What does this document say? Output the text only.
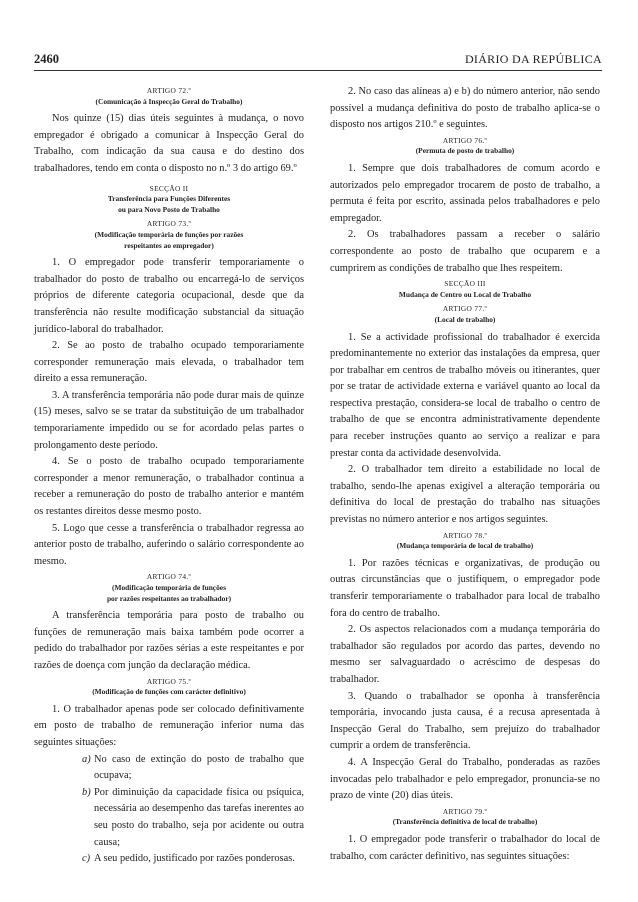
2460	DIÁRIO DA REPÚBLICA
ARTIGO 72.º
(Comunicação à Inspecção Geral do Trabalho)

Nos quinze (15) dias úteis seguintes à mudança, o novo empregador é obrigado a comunicar à Inspecção Geral do Trabalho, com indicação da sua causa e do destino dos trabalhadores, tendo em conta o disposto no n.º 3 do artigo 69.º

SECÇÃO II
Transferência para Funções Diferentes
ou para Novo Posto de Trabalho
ARTIGO 73.º
(Modificação temporária de funções por razões
respeitantes ao empregador)

1. O empregador pode transferir temporariamente o trabalhador do posto de trabalho ou encarregá-lo de serviços próprios de diferente categoria ocupacional, desde que da transferência não resulte modificação substancial da situação jurídico-laboral do trabalhador.

2. Se ao posto de trabalho ocupado temporariamente corresponder remuneração mais elevada, o trabalhador tem direito a essa remuneração.

3. A transferência temporária não pode durar mais de quinze (15) meses, salvo se se tratar da substituição de um trabalhador temporariamente impedido ou se for acordado pelas partes o prolongamento deste período.

4. Se o posto de trabalho ocupado temporariamente corresponder a menor remuneração, o trabalhador continua a receber a remuneração do posto de trabalho anterior e mantém os restantes direitos desse mesmo posto.

5. Logo que cesse a transferência o trabalhador regressa ao anterior posto de trabalho, auferindo o salário correspondente ao mesmo.

ARTIGO 74.º
(Modificação temporária de funções
por razões respeitantes ao trabalhador)

A transferência temporária para posto de trabalho ou funções de remuneração mais baixa também pode ocorrer a pedido do trabalhador por razões sérias a este respeitantes e por razões de doença com junção da declaração médica.

ARTIGO 75.º
(Modificação de funções com carácter definitivo)

1. O trabalhador apenas pode ser colocado definitivamente em posto de trabalho de remuneração inferior numa das seguintes situações:

a) No caso de extinção do posto de trabalho que ocupava;
b) Por diminuição da capacidade física ou psíquica, necessária ao desempenho das tarefas inerentes ao seu posto do trabalho, seja por acidente ou outra causa;
c) A seu pedido, justificado por razões ponderosas.

2. No caso das alíneas a) e b) do número anterior, não sendo possível a mudança definitiva do posto de trabalho aplica-se o disposto nos artigos 210.º e seguintes.

ARTIGO 76.º
(Permuta de posto de trabalho)

1. Sempre que dois trabalhadores de comum acordo e autorizados pelo empregador trocarem de posto de trabalho, a permuta é feita por escrito, assinada pelos trabalhadores e pelo empregador.

2. Os trabalhadores passam a receber o salário correspondente ao posto de trabalho que ocuparem e a cumprirem as condições de trabalho que lhes respeitem.

SECÇÃO III
Mudança de Centro ou Local de Trabalho
ARTIGO 77.º
(Local de trabalho)

1. Se a actividade profissional do trabalhador é exercida predominantemente no exterior das instalações da empresa, quer por trabalhar em centros de trabalho móveis ou itinerantes, quer por se tratar de actividade externa e variável quanto ao local da respectiva prestação, considera-se local de trabalho o centro de trabalho de que se encontra administrativamente dependente para receber instruções quanto ao serviço a realizar e para prestar conta da actividade desenvolvida.

2. O trabalhador tem direito a estabilidade no local de trabalho, sendo-lhe apenas exigível a alteração temporária ou definitiva do local de prestação do trabalho nas situações previstas no número anterior e nos artigos seguintes.

ARTIGO 78.º
(Mudança temporária de local de trabalho)

1. Por razões técnicas e organizativas, de produção ou outras circunstâncias que o justifiquem, o empregador pode transferir temporariamente o trabalhador para local de trabalho fora do centro de trabalho.

2. Os aspectos relacionados com a mudança temporária do trabalhador são regulados por acordo das partes, devendo no mesmo ser salvaguardado o acréscimo de despesas do trabalhador.

3. Quando o trabalhador se oponha à transferência temporária, invocando justa causa, é a recusa apresentada à Inspecção Geral do Trabalho, sem prejuízo do trabalhador cumprir a ordem de transferência.

4. A Inspecção Geral do Trabalho, ponderadas as razões invocadas pelo trabalhador e pelo empregador, pronuncia-se no prazo de vinte (20) dias úteis.

ARTIGO 79.º
(Transferência definitiva de local de trabalho)

1. O empregador pode transferir o trabalhador do local de trabalho, com carácter definitivo, nas seguintes situações:
